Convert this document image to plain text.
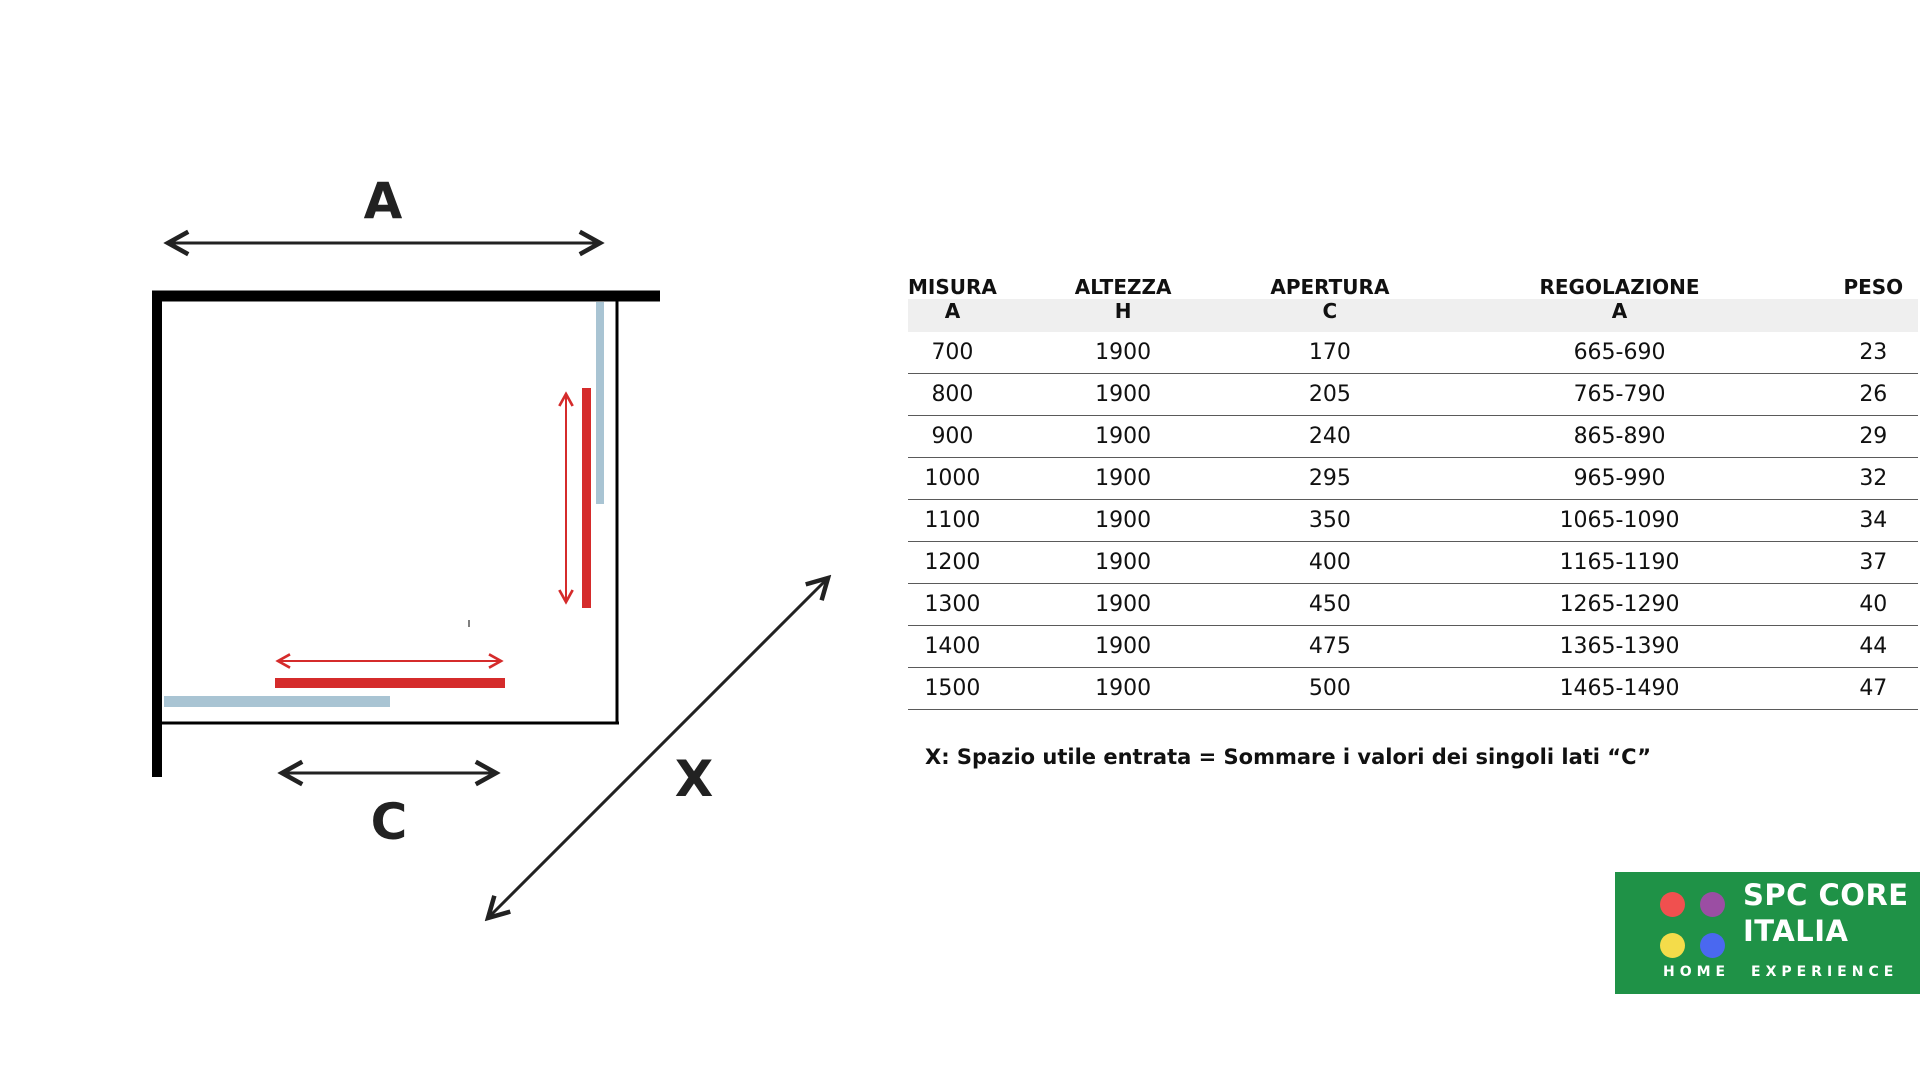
A
C
X
MISURA	ALTEZZA	APERTURA	REGOLAZIONE	PESO
A	H	C	A	
700	1900	170	665-690	23
800	1900	205	765-790	26
900	1900	240	865-890	29
1000	1900	295	965-990	32
1100	1900	350	1065-1090	34
1200	1900	400	1165-1190	37
1300	1900	450	1265-1290	40
1400	1900	475	1365-1390	44
1500	1900	500	1465-1490	47

X: Spazio utile entrata = Sommare i valori dei singoli lati “C”

SPC CORE

ITALIA

HOME EXPERIENCE
